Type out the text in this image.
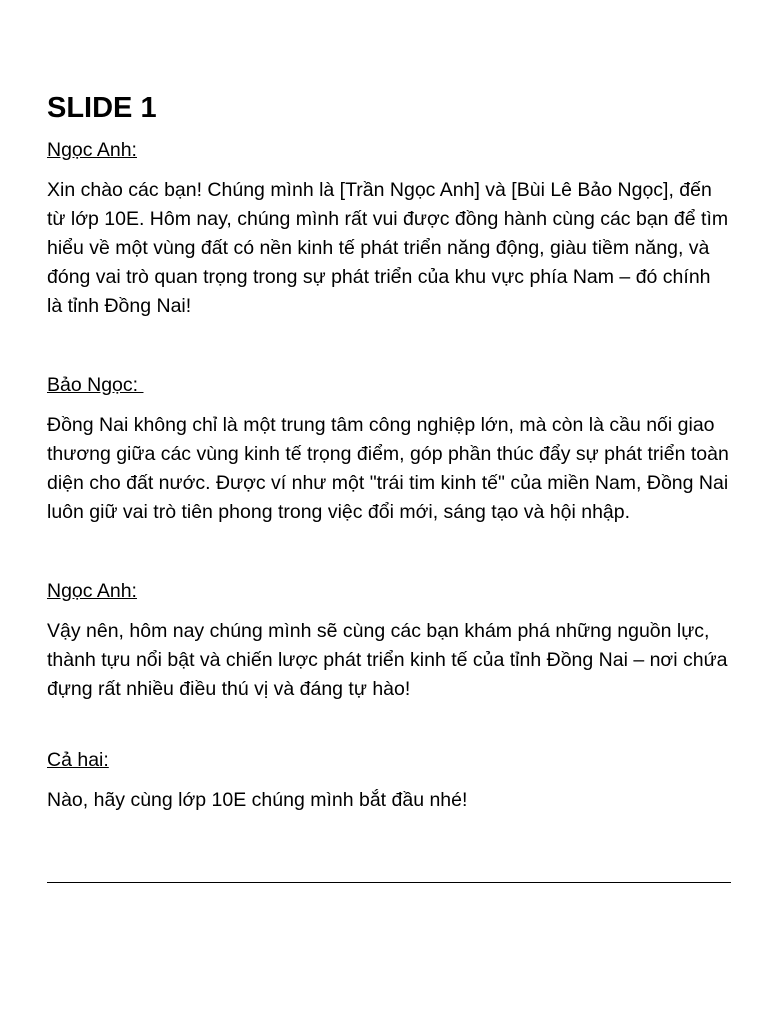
SLIDE 1
Ngọc Anh:

Xin chào các bạn! Chúng mình là [Trần Ngọc Anh] và [Bùi Lê Bảo Ngọc], đến từ lớp 10E. Hôm nay, chúng mình rất vui được đồng hành cùng các bạn để tìm hiểu về một vùng đất có nền kinh tế phát triển năng động, giàu tiềm năng, và đóng vai trò quan trọng trong sự phát triển của khu vực phía Nam – đó chính là tỉnh Đồng Nai!

Bảo Ngọc:

Đồng Nai không chỉ là một trung tâm công nghiệp lớn, mà còn là cầu nối giao thương giữa các vùng kinh tế trọng điểm, góp phần thúc đẩy sự phát triển toàn diện cho đất nước. Được ví như một "trái tim kinh tế" của miền Nam, Đồng Nai luôn giữ vai trò tiên phong trong việc đổi mới, sáng tạo và hội nhập.

Ngọc Anh:

Vậy nên, hôm nay chúng mình sẽ cùng các bạn khám phá những nguồn lực, thành tựu nổi bật và chiến lược phát triển kinh tế của tỉnh Đồng Nai – nơi chứa đựng rất nhiều điều thú vị và đáng tự hào!

Cả hai:

Nào, hãy cùng lớp 10E chúng mình bắt đầu nhé!
